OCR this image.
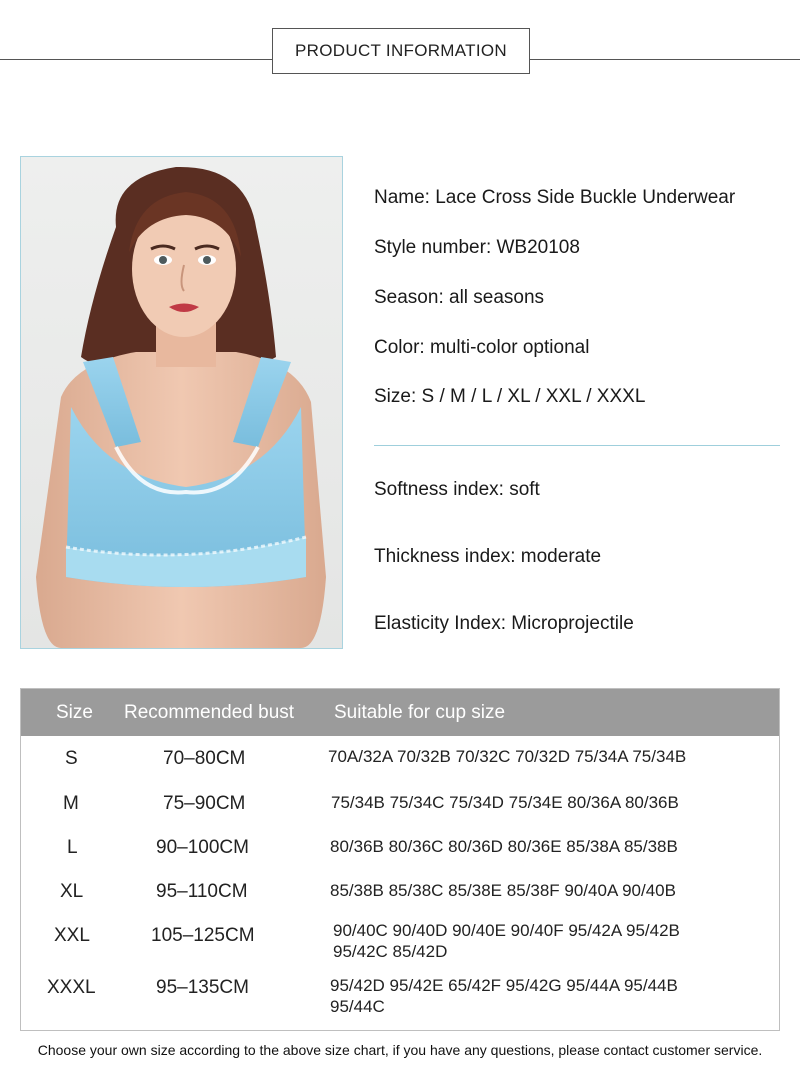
PRODUCT INFORMATION
Name: Lace Cross Side Buckle Underwear
Style number: WB20108
Season: all seasons
Color: multi-color optional
Size: S / M / L / XL / XXL / XXXL
Softness index: soft
Thickness index: moderate
Elasticity Index: Microprojectile
Size Recommended bust Suitable for cup size
S	70–80CM	70A/32A 70/32B 70/32C 70/32D 75/34A 75/34B
M	75–90CM	75/34B 75/34C 75/34D 75/34E 80/36A 80/36B
L	90–100CM	80/36B 80/36C 80/36D 80/36E 85/38A 85/38B
XL	95–110CM	85/38B 85/38C 85/38E 85/38F 90/40A 90/40B
XXL	105–125CM	90/40C 90/40D 90/40E 90/40F 95/42A 95/42B
95/42C 85/42D
XXXL	95–135CM	95/42D 95/42E 65/42F 95/42G 95/44A 95/44B
95/44C
Choose your own size according to the above size chart, if you have any questions, please contact customer service.
